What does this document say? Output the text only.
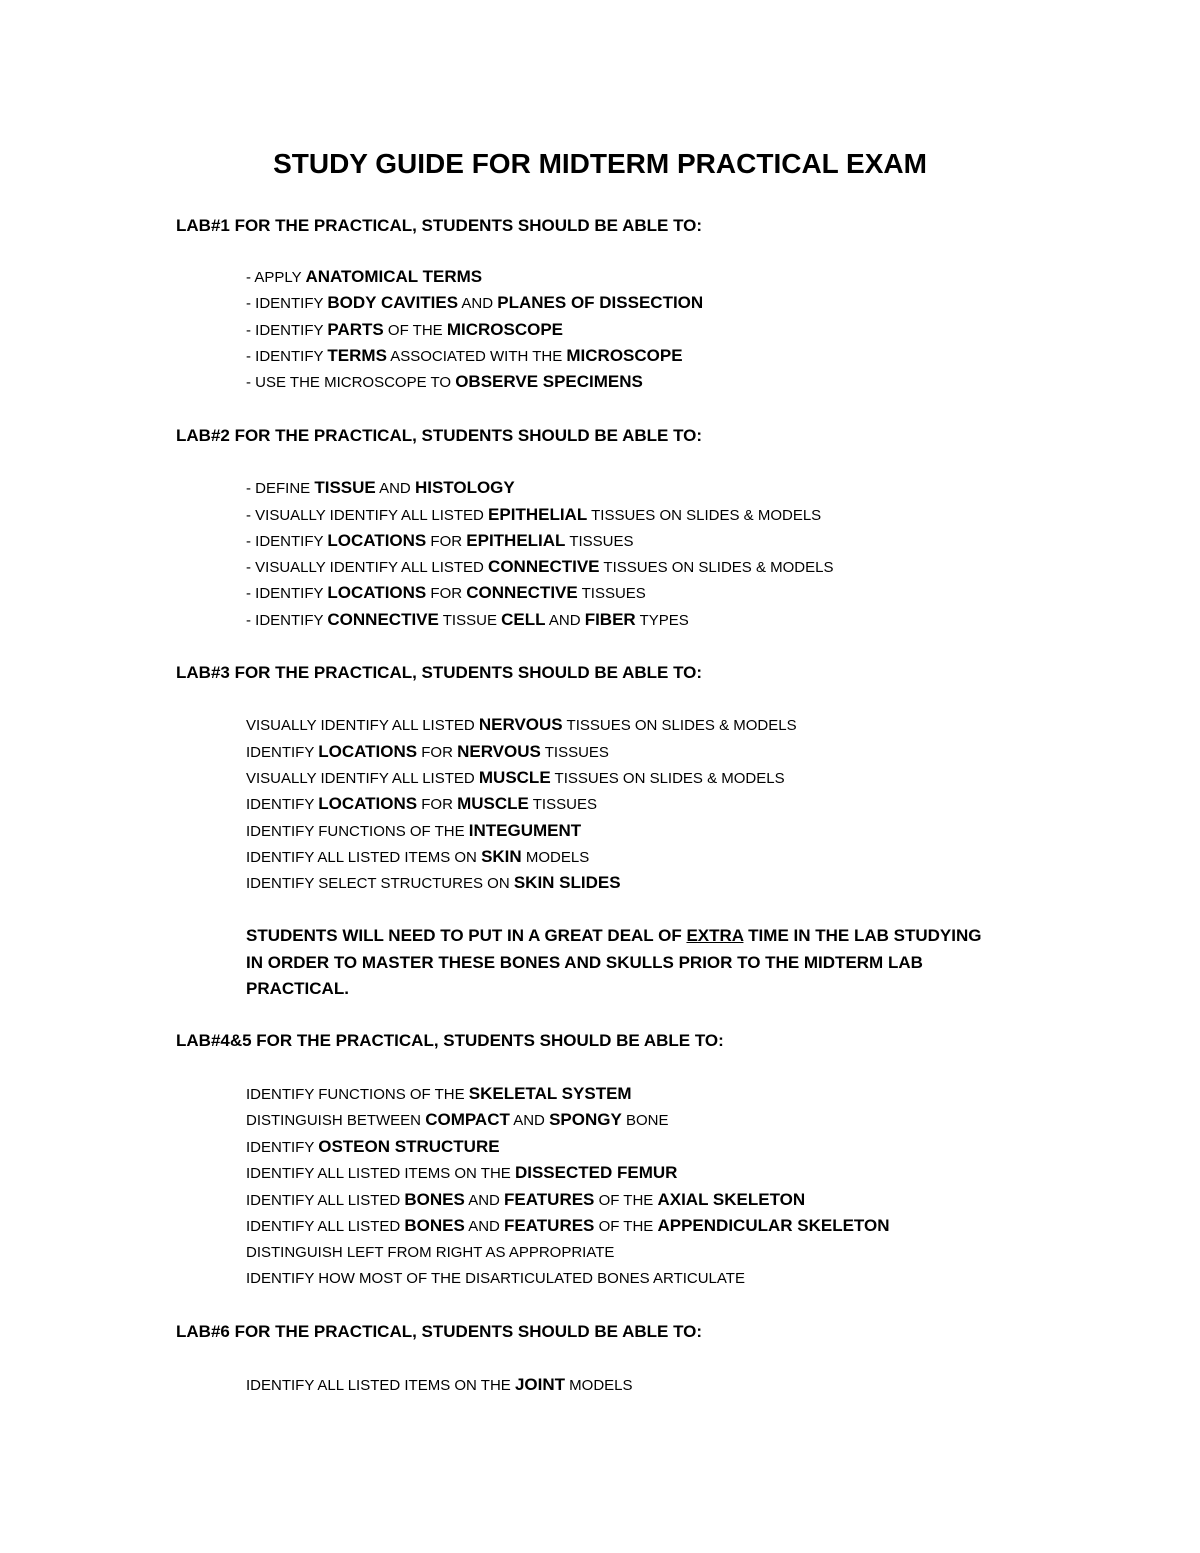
STUDY GUIDE FOR MIDTERM PRACTICAL EXAM
LAB#1 FOR THE PRACTICAL, STUDENTS SHOULD BE ABLE TO:
- APPLY ANATOMICAL TERMS
- IDENTIFY BODY CAVITIES AND PLANES OF DISSECTION
- IDENTIFY PARTS OF THE MICROSCOPE
- IDENTIFY TERMS ASSOCIATED WITH THE MICROSCOPE
- USE THE MICROSCOPE TO OBSERVE SPECIMENS
LAB#2 FOR THE PRACTICAL, STUDENTS SHOULD BE ABLE TO:
- DEFINE TISSUE AND HISTOLOGY
- VISUALLY IDENTIFY ALL LISTED EPITHELIAL TISSUES ON SLIDES & MODELS
- IDENTIFY LOCATIONS FOR EPITHELIAL TISSUES
- VISUALLY IDENTIFY ALL LISTED CONNECTIVE TISSUES ON SLIDES & MODELS
- IDENTIFY LOCATIONS FOR CONNECTIVE TISSUES
- IDENTIFY CONNECTIVE TISSUE CELL AND FIBER TYPES
LAB#3 FOR THE PRACTICAL, STUDENTS SHOULD BE ABLE TO:
VISUALLY IDENTIFY ALL LISTED NERVOUS TISSUES ON SLIDES & MODELS
IDENTIFY LOCATIONS FOR NERVOUS TISSUES
VISUALLY IDENTIFY ALL LISTED MUSCLE TISSUES ON SLIDES & MODELS
IDENTIFY LOCATIONS FOR MUSCLE TISSUES
IDENTIFY FUNCTIONS OF THE INTEGUMENT
IDENTIFY ALL LISTED ITEMS ON SKIN MODELS
IDENTIFY SELECT STRUCTURES ON SKIN SLIDES
STUDENTS WILL NEED TO PUT IN A GREAT DEAL OF EXTRA TIME IN THE LAB STUDYING
IN ORDER TO MASTER THESE BONES AND SKULLS PRIOR TO THE MIDTERM LAB
PRACTICAL.
LAB#4&5 FOR THE PRACTICAL, STUDENTS SHOULD BE ABLE TO:
IDENTIFY FUNCTIONS OF THE SKELETAL SYSTEM
DISTINGUISH BETWEEN COMPACT AND SPONGY BONE
IDENTIFY OSTEON STRUCTURE
IDENTIFY ALL LISTED ITEMS ON THE DISSECTED FEMUR
IDENTIFY ALL LISTED BONES AND FEATURES OF THE AXIAL SKELETON
IDENTIFY ALL LISTED BONES AND FEATURES OF THE APPENDICULAR SKELETON
DISTINGUISH LEFT FROM RIGHT AS APPROPRIATE
IDENTIFY HOW MOST OF THE DISARTICULATED BONES ARTICULATE
LAB#6 FOR THE PRACTICAL, STUDENTS SHOULD BE ABLE TO:
IDENTIFY ALL LISTED ITEMS ON THE JOINT MODELS
